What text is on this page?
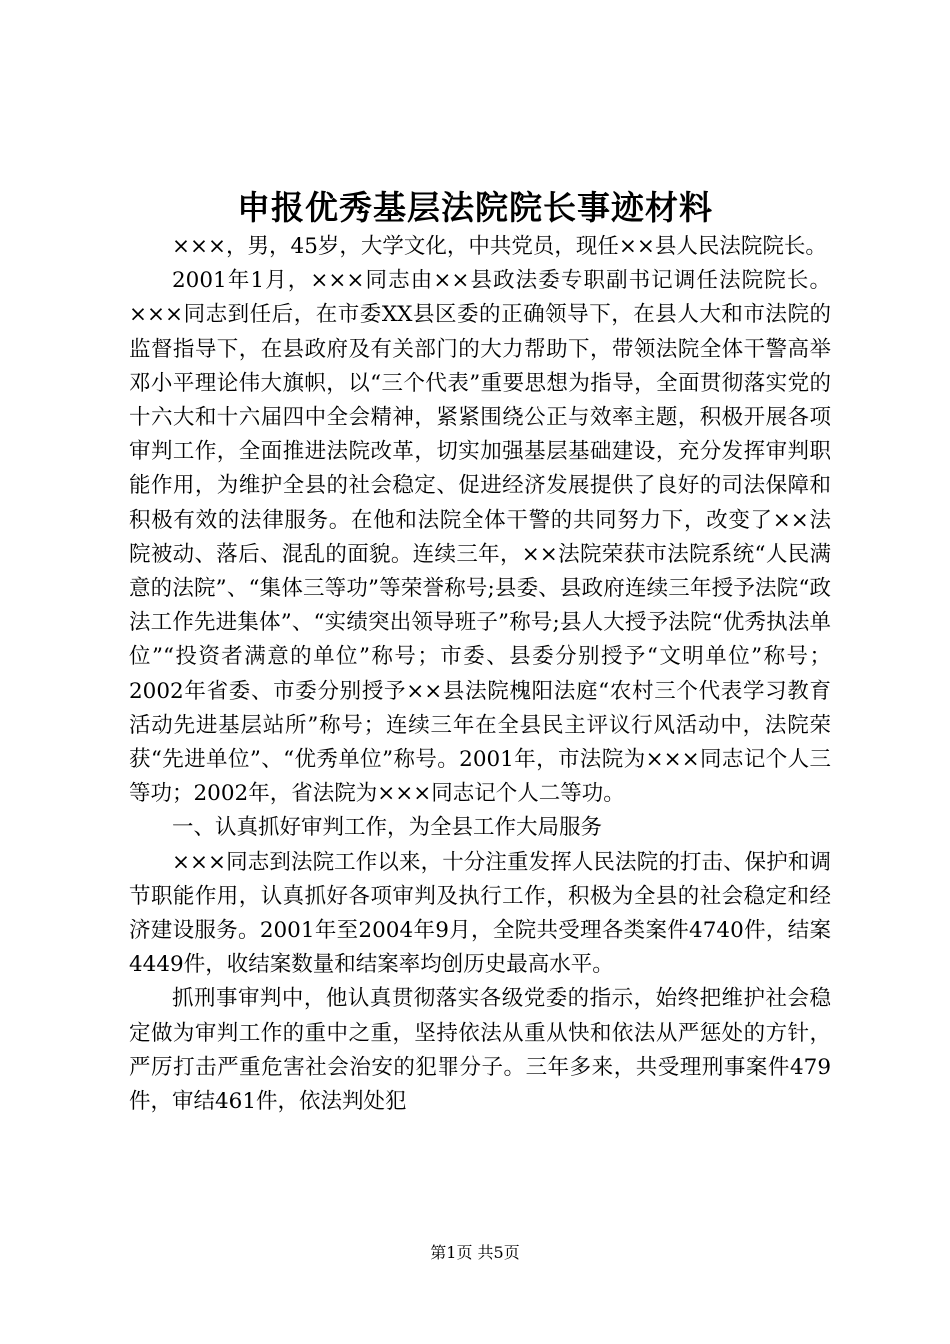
申报优秀基层法院院长事迹材料

×××，男，45岁，大学文化，中共党员，现任××县人民法院院长。

2001年1月，×××同志由××县政法委专职副书记调任法院院长。×××同志到任后，在市委XX县区委的正确领导下，在县人大和市法院的监督指导下，在县政府及有关部门的大力帮助下，带领法院全体干警高举邓小平理论伟大旗帜，以“三个代表”重要思想为指导，全面贯彻落实党的十六大和十六届四中全会精神，紧紧围绕公正与效率主题，积极开展各项审判工作，全面推进法院改革，切实加强基层基础建设，充分发挥审判职能作用，为维护全县的社会稳定、促进经济发展提供了良好的司法保障和积极有效的法律服务。在他和法院全体干警的共同努力下，改变了××法院被动、落后、混乱的面貌。连续三年，××法院荣获市法院系统“人民满意的法院”、“集体三等功”等荣誉称号;县委、县政府连续三年授予法院“政法工作先进集体”、“实绩突出领导班子”称号;县人大授予法院“优秀执法单位”“投资者满意的单位”称号；市委、县委分别授予“文明单位”称号；2002年省委、市委分别授予××县法院槐阳法庭“农村三个代表学习教育活动先进基层站所”称号；连续三年在全县民主评议行风活动中，法院荣获“先进单位”、“优秀单位”称号。2001年，市法院为×××同志记个人三等功；2002年，省法院为×××同志记个人二等功。

一、认真抓好审判工作，为全县工作大局服务

×××同志到法院工作以来，十分注重发挥人民法院的打击、保护和调节职能作用，认真抓好各项审判及执行工作，积极为全县的社会稳定和经济建设服务。2001年至2004年9月，全院共受理各类案件4740件，结案4449件，收结案数量和结案率均创历史最高水平。

抓刑事审判中，他认真贯彻落实各级党委的指示，始终把维护社会稳定做为审判工作的重中之重，坚持依法从重从快和依法从严惩处的方针，严厉打击严重危害社会治安的犯罪分子。三年多来，共受理刑事案件479件，审结461件，依法判处犯

第1页 共5页
